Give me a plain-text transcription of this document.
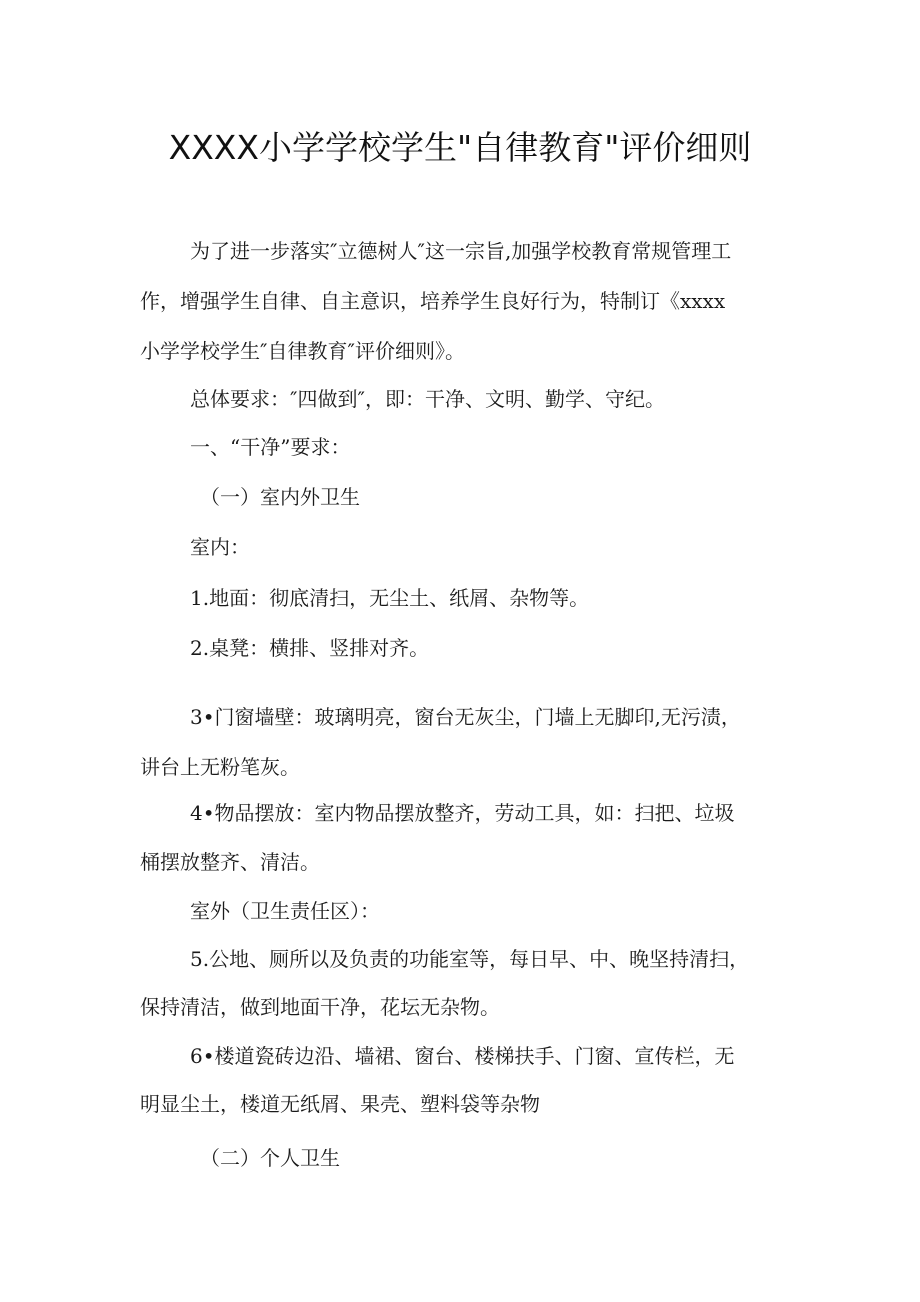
XXXX小学学校学生"自律教育"评价细则
为了进一步落实″立德树人″这一宗旨,加强学校教育常规管理工
作，增强学生自律、自主意识，培养学生良好行为，特制订《xxxx
小学学校学生″自律教育″评价细则》。
总体要求：″四做到″，即：干净、文明、勤学、守纪。
一、“干净”要求：
（一）室内外卫生
室内：
1.地面：彻底清扫，无尘土、纸屑、杂物等。
2.桌凳：横排、竖排对齐。
3•门窗墙壁：玻璃明亮，窗台无灰尘，门墙上无脚印,无污渍，
讲台上无粉笔灰。
4•物品摆放：室内物品摆放整齐，劳动工具，如：扫把、垃圾
桶摆放整齐、清洁。
室外（卫生责任区）：
5.公地、厕所以及负责的功能室等，每日早、中、晚坚持清扫，
保持清洁，做到地面干净，花坛无杂物。
6•楼道瓷砖边沿、墙裙、窗台、楼梯扶手、门窗、宣传栏，无
明显尘土，楼道无纸屑、果壳、塑料袋等杂物
（二）个人卫生
